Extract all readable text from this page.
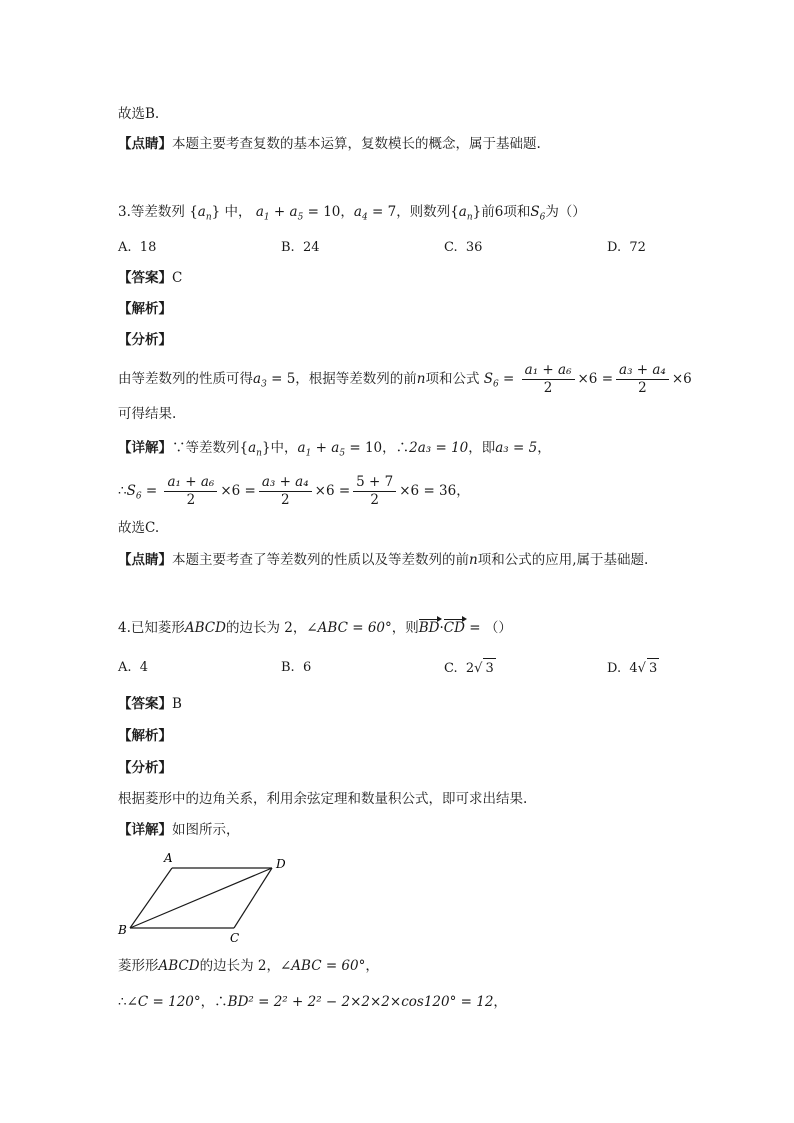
故选B.
【点睛】本题主要考查复数的基本运算，复数模长的概念，属于基础题.
3.等差数列 $\{a_n\}$ 中， $a_1 + a_5 = 10$，$a_4 = 7$，则数列$\{a_n\}$前6项和$S_6$为（）
A. 18	B. 24	C. 36	D. 72
【答案】C
【解析】
【分析】
由等差数列的性质可得$a_3 = 5$，根据等差数列的前n项和公式 $S_6 = \frac{\text{a₁ + a₆}}{2} \times 6 = \frac{\text{a₃ + a₄}}{2} \times 6$
可得结果.
【详解】∵等差数列$\{a_n\}$中，$a_1 + a_5 = 10$，∴2a₃ = 10，即a₃ = 5，
$\therefore S_6 = \frac{\text{a₁ + a₆}}{2} \times 6 = \frac{\text{a₃ + a₄}}{2} \times 6 = \frac{5 + 7}{2} \times 6 = 36$，
故选C.
【点睛】本题主要考查了等差数列的性质以及等差数列的前n项和公式的应用,属于基础题.
4.已知菱形ABCD的边长为 2，∠ABC = 60°，则BD·CD = （）
A. 4	B. 6	C. 2√ 3	D. 4√ 3
【答案】B
【解析】
【分析】
根据菱形中的边角关系，利用余弦定理和数量积公式，即可求出结果.
【详解】如图所示，
A	D
B
C
菱形形ABCD的边长为 2，∠ABC = 60°，
∴∠C = 120°，∴BD² = 2² + 2² − 2×2×2×cos120° = 12，
